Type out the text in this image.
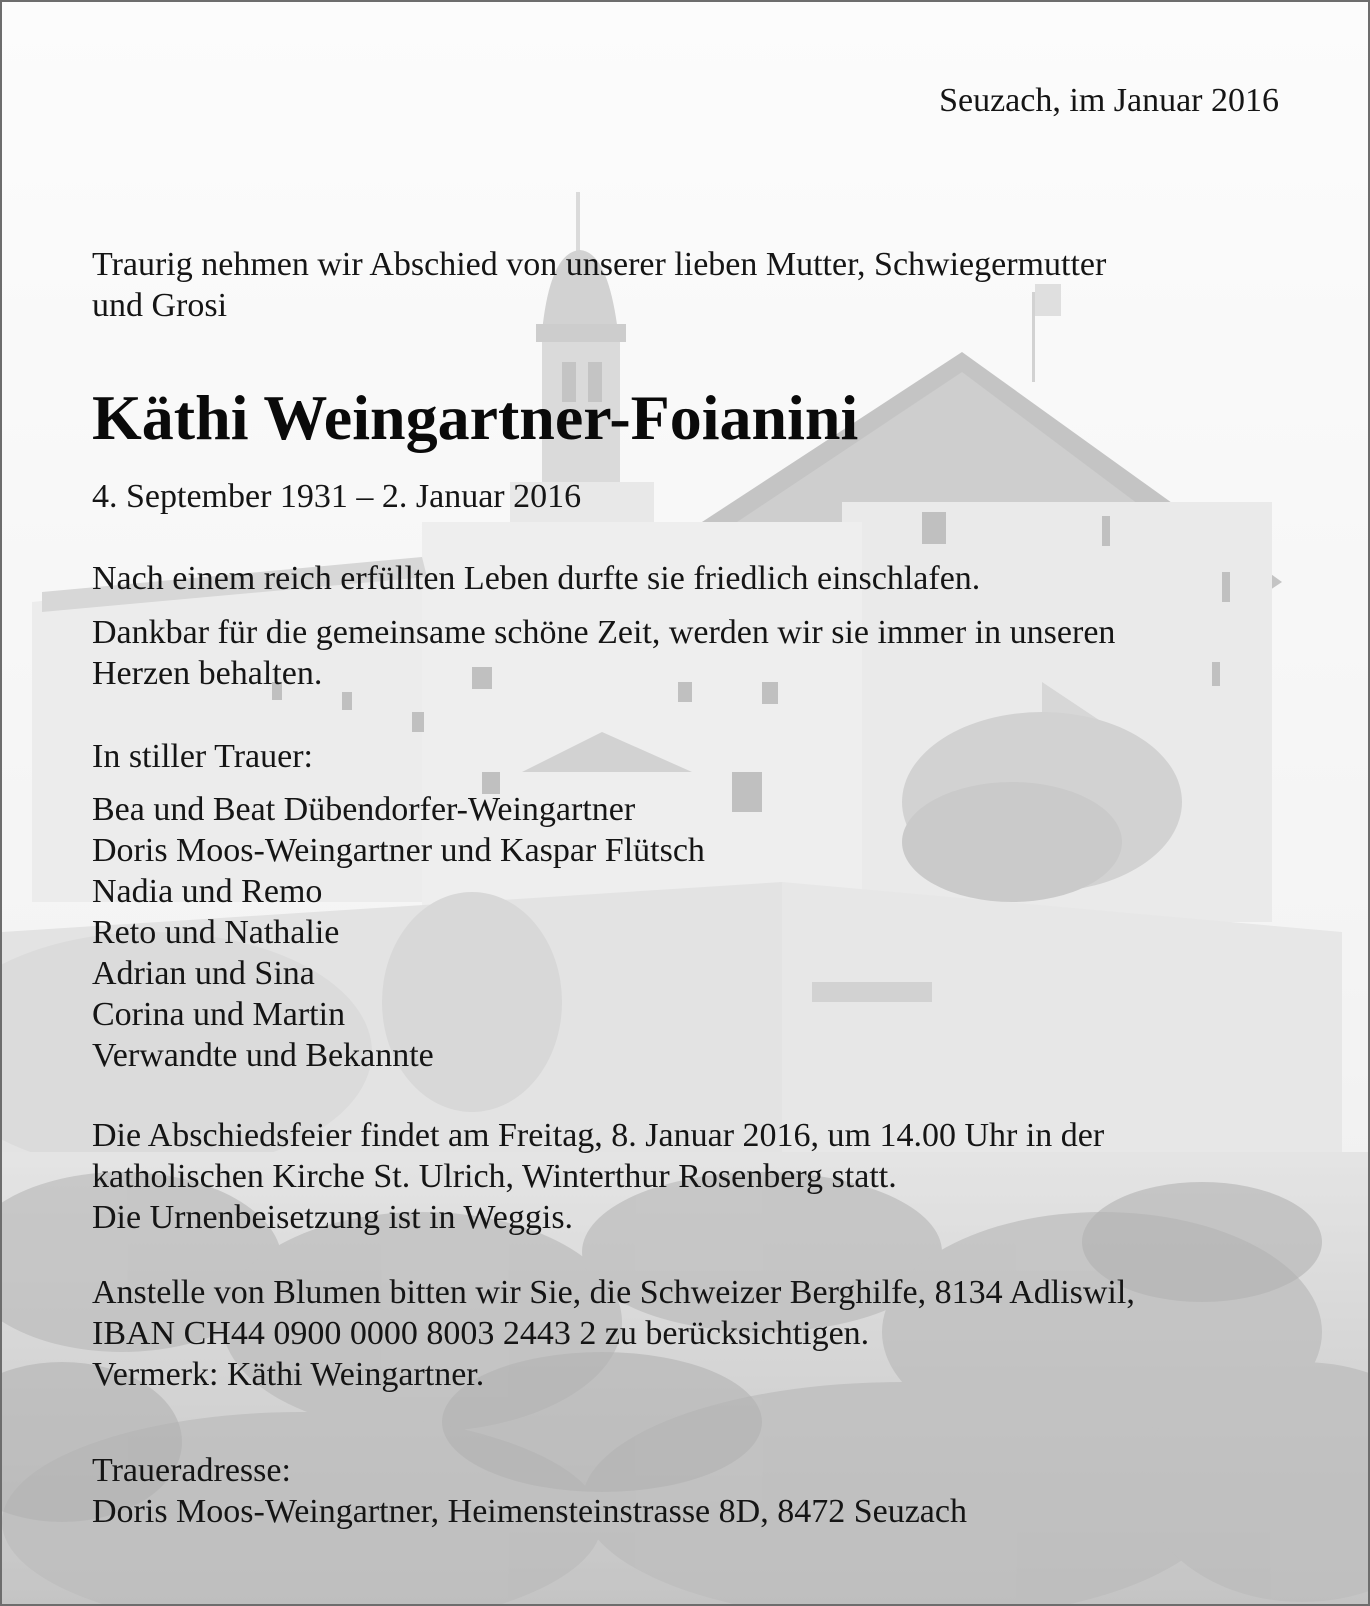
Seuzach, im Januar 2016
Traurig nehmen wir Abschied von unserer lieben Mutter, Schwiegermutter
und Grosi
Käthi Weingartner-Foianini
4. September 1931 – 2. Januar 2016
Nach einem reich erfüllten Leben durfte sie friedlich einschlafen.
Dankbar für die gemeinsame schöne Zeit, werden wir sie immer in unseren
Herzen behalten.
In stiller Trauer:
Bea und Beat Dübendorfer-Weingartner
Doris Moos-Weingartner und Kaspar Flütsch
Nadia und Remo
Reto und Nathalie
Adrian und Sina
Corina und Martin
Verwandte und Bekannte
Die Abschiedsfeier findet am Freitag, 8. Januar 2016, um 14.00 Uhr in der
katholischen Kirche St. Ulrich, Winterthur Rosenberg statt.
Die Urnenbeisetzung ist in Weggis.
Anstelle von Blumen bitten wir Sie, die Schweizer Berghilfe, 8134 Adliswil,
IBAN CH44 0900 0000 8003 2443 2 zu berücksichtigen.
Vermerk: Käthi Weingartner.
Traueradresse:
Doris Moos-Weingartner, Heimensteinstrasse 8D, 8472 Seuzach
